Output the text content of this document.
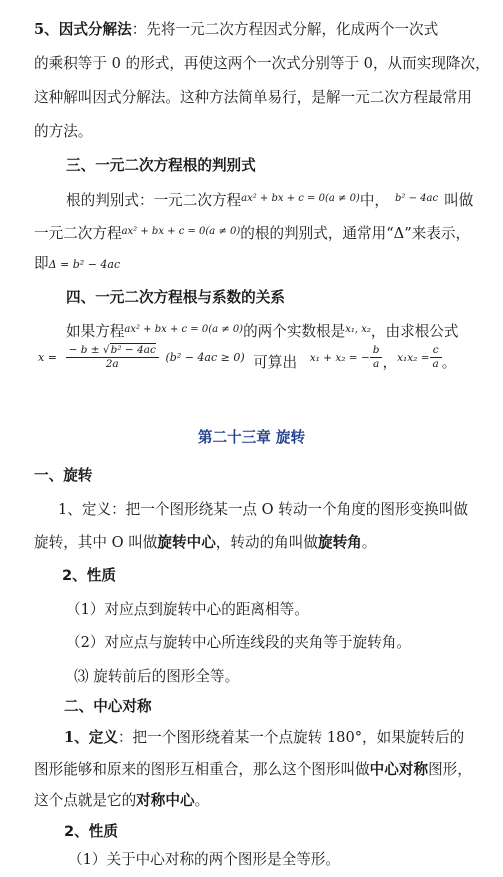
5、因式分解法：先将一元二次方程因式分解，化成两个一次式
的乘积等于 0 的形式，再使这两个一次式分别等于 0，从而实现降次，
这种解叫因式分解法。这种方法简单易行，是解一元二次方程最常用
的方法。
三、一元二次方程根的判别式
根的判别式：一元二次方程$^{ax^2 + bx + c = 0(a \ne 0)}$中， $^{b^2 - 4ac}$ 叫做
一元二次方程$^{ax^2 + bx + c = 0(a \ne 0)}$的根的判别式，通常用“Δ”来表示，
即Δ = b² − 4ac
四、一元二次方程根与系数的关系
如果方程$^{ax^2 + bx + c = 0(a \ne 0)}$的两个实数根是$^{x_1, x_2}$，由求根公式
$x = \frac{\text{− b ± √b² − 4ac}}{2a} (b^2 - 4ac \ge 0)$ 可算出 x₁ + x₂ = − $\frac{b}{a}$ ，$x_1x_2 = \frac{c}{a}$ 。
第二十三章 旋转
一、旋转
1、定义：把一个图形绕某一点 O 转动一个角度的图形变换叫做
旋转，其中 O 叫做旋转中心，转动的角叫做旋转角。
2、性质
（1）对应点到旋转中心的距离相等。
（2）对应点与旋转中心所连线段的夹角等于旋转角。
⑶ 旋转前后的图形全等。
二、中心对称
1、定义：把一个图形绕着某一个点旋转 180°，如果旋转后的
图形能够和原来的图形互相重合，那么这个图形叫做中心对称图形，
这个点就是它的对称中心。
2、性质
（1）关于中心对称的两个图形是全等形。
